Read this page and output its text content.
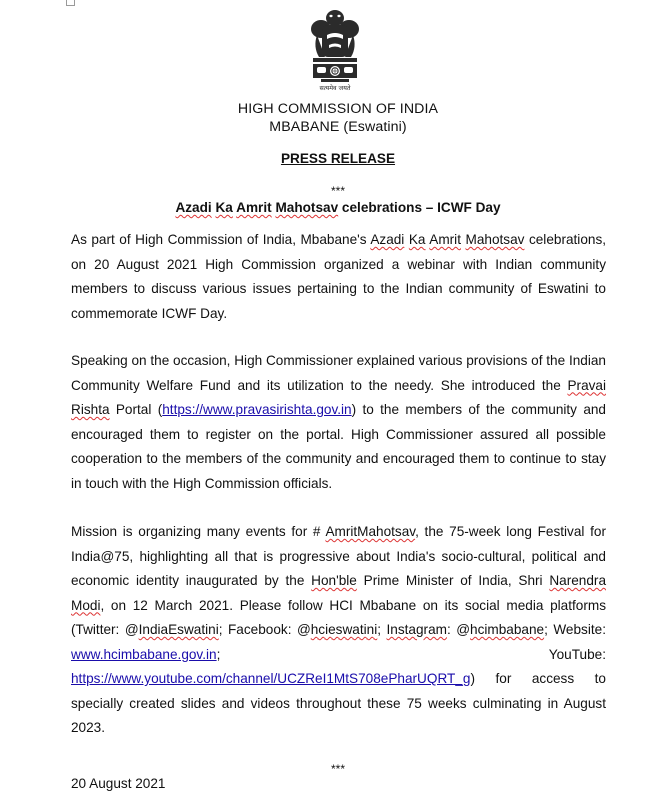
सत्यमेव जयते
HIGH COMMISSION OF INDIA
MBABANE (Eswatini)
PRESS RELEASE
***
Azadi Ka Amrit Mahotsav celebrations – ICWF Day

As part of High Commission of India, Mbabane's Azadi Ka Amrit Mahotsav celebrations, on 20 August 2021 High Commission organized a webinar with Indian community members to discuss various issues pertaining to the Indian community of Eswatini to commemorate ICWF Day.

Speaking on the occasion, High Commissioner explained various provisions of the Indian Community Welfare Fund and its utilization to the needy. She introduced the Pravai Rishta Portal (https://www.pravasirishta.gov.in) to the members of the community and encouraged them to register on the portal. High Commissioner assured all possible cooperation to the members of the community and encouraged them to continue to stay in touch with the High Commission officials.

Mission is organizing many events for # AmritMahotsav, the 75-week long Festival for India@75, highlighting all that is progressive about India's socio-cultural, political and economic identity inaugurated by the Hon'ble Prime Minister of India, Shri Narendra Modi, on 12 March 2021. Please follow HCI Mbabane on its social media platforms (Twitter: @IndiaEswatini; Facebook: @hcieswatini; Instagram: @hcimbabane; Website: www.hcimbabane.gov.in; YouTube: https://www.youtube.com/channel/UCZReI1MtS708ePharUQRT_g) for access to specially created slides and videos throughout these 75 weeks culminating in August 2023.

***
20 August 2021
